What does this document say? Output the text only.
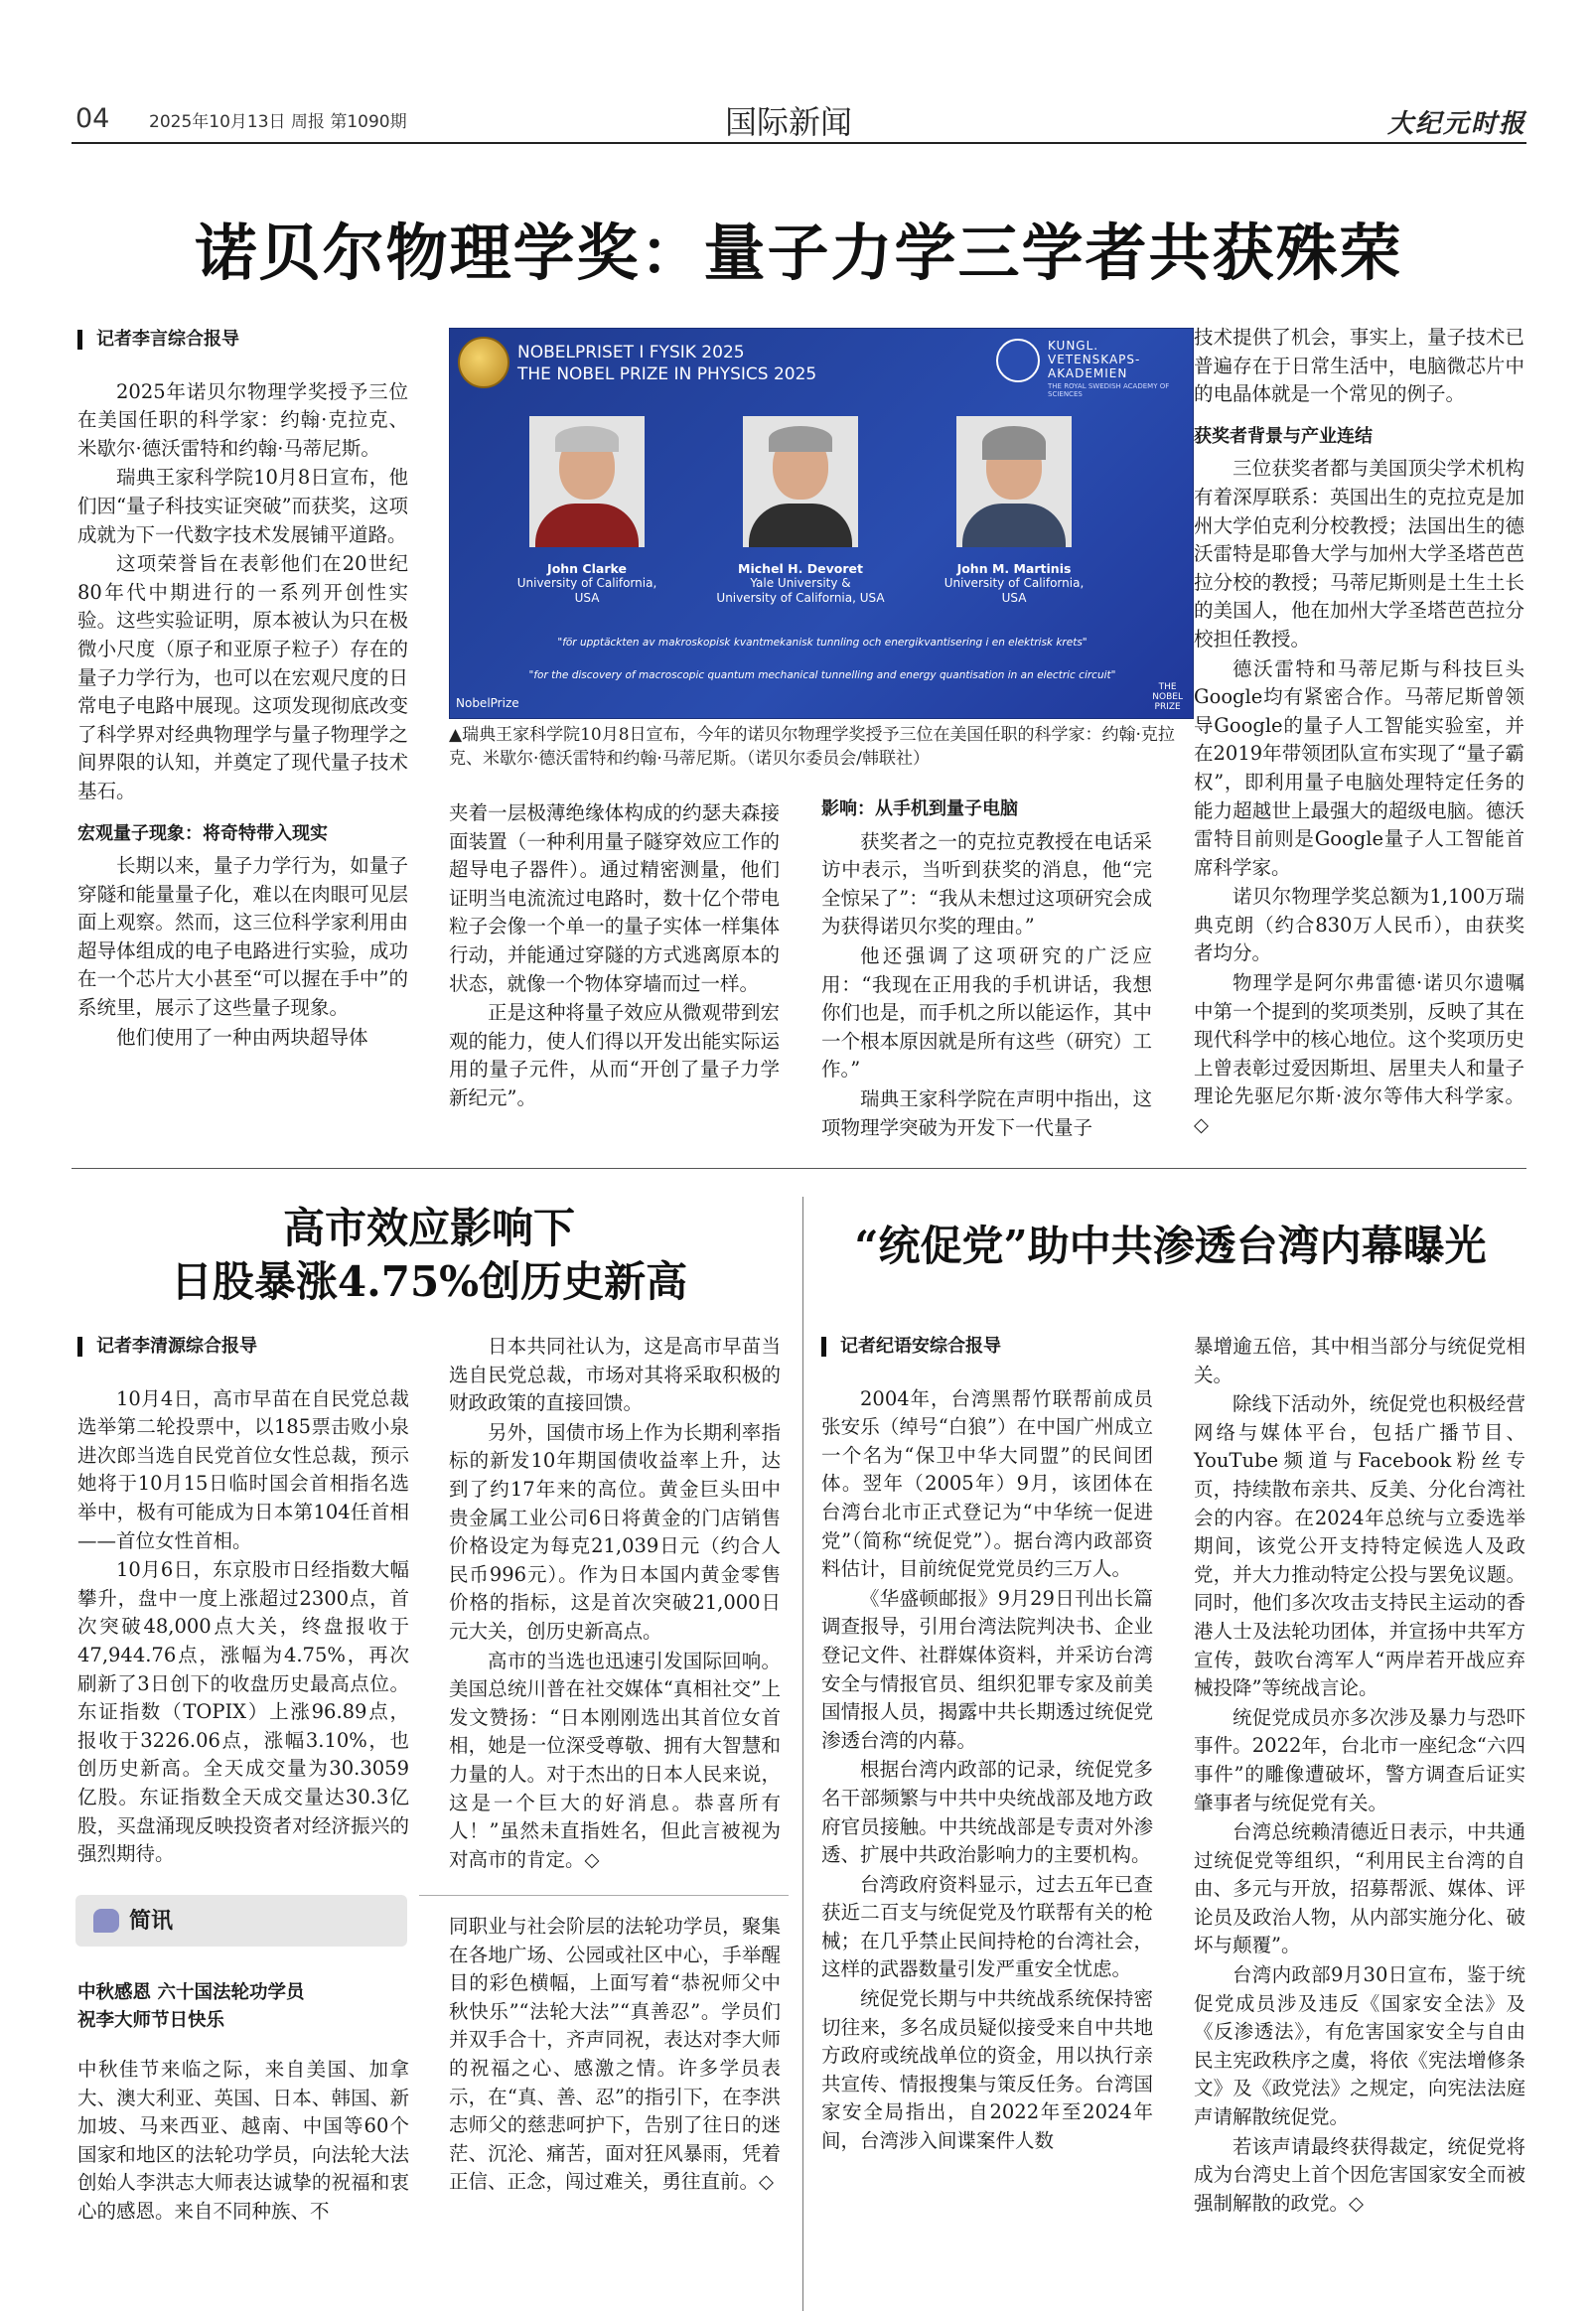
04 2025年10月13日 周报 第1090期	国际新闻	大纪元时报
诺贝尔物理学奖：量子力学三学者共获殊荣
记者李言综合报导

2025年诺贝尔物理学奖授予三位在美国任职的科学家：约翰·克拉克、米歇尔·德沃雷特和约翰·马蒂尼斯。

瑞典王家科学院10月8日宣布，他们因“量子科技实证突破”而获奖，这项成就为下一代数字技术发展铺平道路。

这项荣誉旨在表彰他们在20世纪80年代中期进行的一系列开创性实验。这些实验证明，原本被认为只在极微小尺度（原子和亚原子粒子）存在的量子力学行为，也可以在宏观尺度的日常电子电路中展现。这项发现彻底改变了科学界对经典物理学与量子物理学之间界限的认知，并奠定了现代量子技术基石。

宏观量子现象：将奇特带入现实

长期以来，量子力学行为，如量子穿隧和能量量子化，难以在肉眼可见层面上观察。然而，这三位科学家利用由超导体组成的电子电路进行实验，成功在一个芯片大小甚至“可以握在手中”的系统里，展示了这些量子现象。

他们使用了一种由两块超导体

NOBELPRISET I FYSIK 2025
THE NOBEL PRIZE IN PHYSICS 2025
KUNGL.
VETENSKAPS-
AKADEMIEN
THE ROYAL SWEDISH ACADEMY OF SCIENCES
John Clarke
University of California,
USA
Michel H. Devoret
Yale University &
University of California, USA
John M. Martinis
University of California,
USA
"för upptäckten av makroskopisk kvantmekanisk tunnling och energikvantisering i en elektrisk krets"
"for the discovery of macroscopic quantum mechanical tunnelling and energy quantisation in an electric circuit"
NobelPrize
THE
NOBEL
PRIZE
▲瑞典王家科学院10月8日宣布，今年的诺贝尔物理学奖授予三位在美国任职的科学家：约翰·克拉克、米歇尔·德沃雷特和约翰·马蒂尼斯。（诺贝尔委员会/韩联社）

夹着一层极薄绝缘体构成的约瑟夫森接面装置（一种利用量子隧穿效应工作的超导电子器件）。通过精密测量，他们证明当电流流过电路时，数十亿个带电粒子会像一个单一的量子实体一样集体行动，并能通过穿隧的方式逃离原本的状态，就像一个物体穿墙而过一样。

正是这种将量子效应从微观带到宏观的能力，使人们得以开发出能实际运用的量子元件，从而“开创了量子力学新纪元”。

影响：从手机到量子电脑

获奖者之一的克拉克教授在电话采访中表示，当听到获奖的消息，他“完全惊呆了”：“我从未想过这项研究会成为获得诺贝尔奖的理由。”

他还强调了这项研究的广泛应用：“我现在正用我的手机讲话，我想你们也是，而手机之所以能运作，其中一个根本原因就是所有这些（研究）工作。”

瑞典王家科学院在声明中指出，这项物理学突破为开发下一代量子

技术提供了机会，事实上，量子技术已普遍存在于日常生活中，电脑微芯片中的电晶体就是一个常见的例子。

获奖者背景与产业连结

三位获奖者都与美国顶尖学术机构有着深厚联系：英国出生的克拉克是加州大学伯克利分校教授；法国出生的德沃雷特是耶鲁大学与加州大学圣塔芭芭拉分校的教授；马蒂尼斯则是土生土长的美国人，他在加州大学圣塔芭芭拉分校担任教授。

德沃雷特和马蒂尼斯与科技巨头Google均有紧密合作。马蒂尼斯曾领导Google的量子人工智能实验室，并在2019年带领团队宣布实现了“量子霸权”，即利用量子电脑处理特定任务的能力超越世上最强大的超级电脑。德沃雷特目前则是Google量子人工智能首席科学家。

诺贝尔物理学奖总额为1,100万瑞典克朗（约合830万人民币），由获奖者均分。

物理学是阿尔弗雷德·诺贝尔遗嘱中第一个提到的奖项类别，反映了其在现代科学中的核心地位。这个奖项历史上曾表彰过爱因斯坦、居里夫人和量子理论先驱尼尔斯·波尔等伟大科学家。◇

高市效应影响下
日股暴涨4.75%创历史新高
记者李清源综合报导

10月4日，高市早苗在自民党总裁选举第二轮投票中，以185票击败小泉进次郎当选自民党首位女性总裁，预示她将于10月15日临时国会首相指名选举中，极有可能成为日本第104任首相——首位女性首相。

10月6日，东京股市日经指数大幅攀升，盘中一度上涨超过2300点，首次突破48,000点大关，终盘报收于47,944.76点，涨幅为4.75%，再次刷新了3日创下的收盘历史最高点位。东证指数（TOPIX）上涨96.89点，报收于3226.06点，涨幅3.10%，也创历史新高。全天成交量为30.3059亿股。东证指数全天成交量达30.3亿股，买盘涌现反映投资者对经济振兴的强烈期待。

日本共同社认为，这是高市早苗当选自民党总裁，市场对其将采取积极的财政政策的直接回馈。

另外，国债市场上作为长期利率指标的新发10年期国债收益率上升，达到了约17年来的高位。黄金巨头田中贵金属工业公司6日将黄金的门店销售价格设定为每克21,039日元（约合人民币996元）。作为日本国内黄金零售价格的指标，这是首次突破21,000日元大关，创历史新高点。

高市的当选也迅速引发国际回响。美国总统川普在社交媒体“真相社交”上发文赞扬：“日本刚刚选出其首位女首相，她是一位深受尊敬、拥有大智慧和力量的人。对于杰出的日本人民来说，这是一个巨大的好消息。恭喜所有人！”虽然未直指姓名，但此言被视为对高市的肯定。◇

简讯
中秋感恩 六十国法轮功学员
祝李大师节日快乐

中秋佳节来临之际，来自美国、加拿大、澳大利亚、英国、日本、韩国、新加坡、马来西亚、越南、中国等60个国家和地区的法轮功学员，向法轮大法创始人李洪志大师表达诚挚的祝福和衷心的感恩。来自不同种族、不

同职业与社会阶层的法轮功学员，聚集在各地广场、公园或社区中心，手举醒目的彩色横幅，上面写着“恭祝师父中秋快乐”“法轮大法”“真善忍”。学员们并双手合十，齐声同祝，表达对李大师的祝福之心、感激之情。许多学员表示，在“真、善、忍”的指引下，在李洪志师父的慈悲呵护下，告别了往日的迷茫、沉沦、痛苦，面对狂风暴雨，凭着正信、正念，闯过难关，勇往直前。◇

“统促党”助中共渗透台湾内幕曝光
记者纪语安综合报导

2004年，台湾黑帮竹联帮前成员张安乐（绰号“白狼”）在中国广州成立一个名为“保卫中华大同盟”的民间团体。翌年（2005年）9月，该团体在台湾台北市正式登记为“中华统一促进党”（简称“统促党”）。据台湾内政部资料估计，目前统促党党员约三万人。

《华盛顿邮报》9月29日刊出长篇调查报导，引用台湾法院判决书、企业登记文件、社群媒体资料，并采访台湾安全与情报官员、组织犯罪专家及前美国情报人员，揭露中共长期透过统促党渗透台湾的内幕。

根据台湾内政部的记录，统促党多名干部频繁与中共中央统战部及地方政府官员接触。中共统战部是专责对外渗透、扩展中共政治影响力的主要机构。

台湾政府资料显示，过去五年已查获近二百支与统促党及竹联帮有关的枪械；在几乎禁止民间持枪的台湾社会，这样的武器数量引发严重安全忧虑。

统促党长期与中共统战系统保持密切往来，多名成员疑似接受来自中共地方政府或统战单位的资金，用以执行亲共宣传、情报搜集与策反任务。台湾国家安全局指出，自2022年至2024年间，台湾涉入间谍案件人数

暴增逾五倍，其中相当部分与统促党相关。

除线下活动外，统促党也积极经营网络与媒体平台，包括广播节目、YouTube频道与Facebook粉丝专页，持续散布亲共、反美、分化台湾社会的内容。在2024年总统与立委选举期间，该党公开支持特定候选人及政党，并大力推动特定公投与罢免议题。同时，他们多次攻击支持民主运动的香港人士及法轮功团体，并宣扬中共军方宣传，鼓吹台湾军人“两岸若开战应弃械投降”等统战言论。

统促党成员亦多次涉及暴力与恐吓事件。2022年，台北市一座纪念“六四事件”的雕像遭破坏，警方调查后证实肇事者与统促党有关。

台湾总统赖清德近日表示，中共通过统促党等组织，“利用民主台湾的自由、多元与开放，招募帮派、媒体、评论员及政治人物，从内部实施分化、破坏与颠覆”。

台湾内政部9月30日宣布，鉴于统促党成员涉及违反《国家安全法》及《反渗透法》，有危害国家安全与自由民主宪政秩序之虞，将依《宪法增修条文》及《政党法》之规定，向宪法法庭声请解散统促党。

若该声请最终获得裁定，统促党将成为台湾史上首个因危害国家安全而被强制解散的政党。◇
